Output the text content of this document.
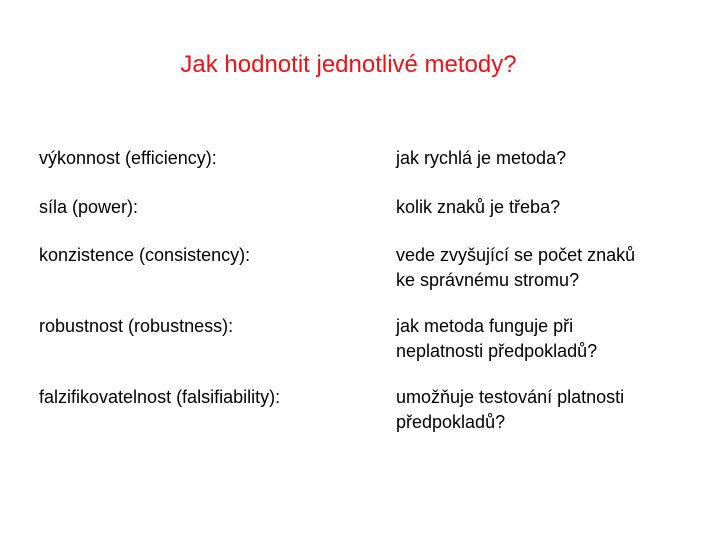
Jak hodnotit jednotlivé metody?
výkonnost (efficiency):	jak rychlá je metoda?
síla (power):	kolik znaků je třeba?
konzistence (consistency):	vede zvyšující se počet znaků
ke správnému stromu?
robustnost (robustness):	jak metoda funguje při
neplatnosti předpokladů?
falzifikovatelnost (falsifiability):	umožňuje testování platnosti
předpokladů?
